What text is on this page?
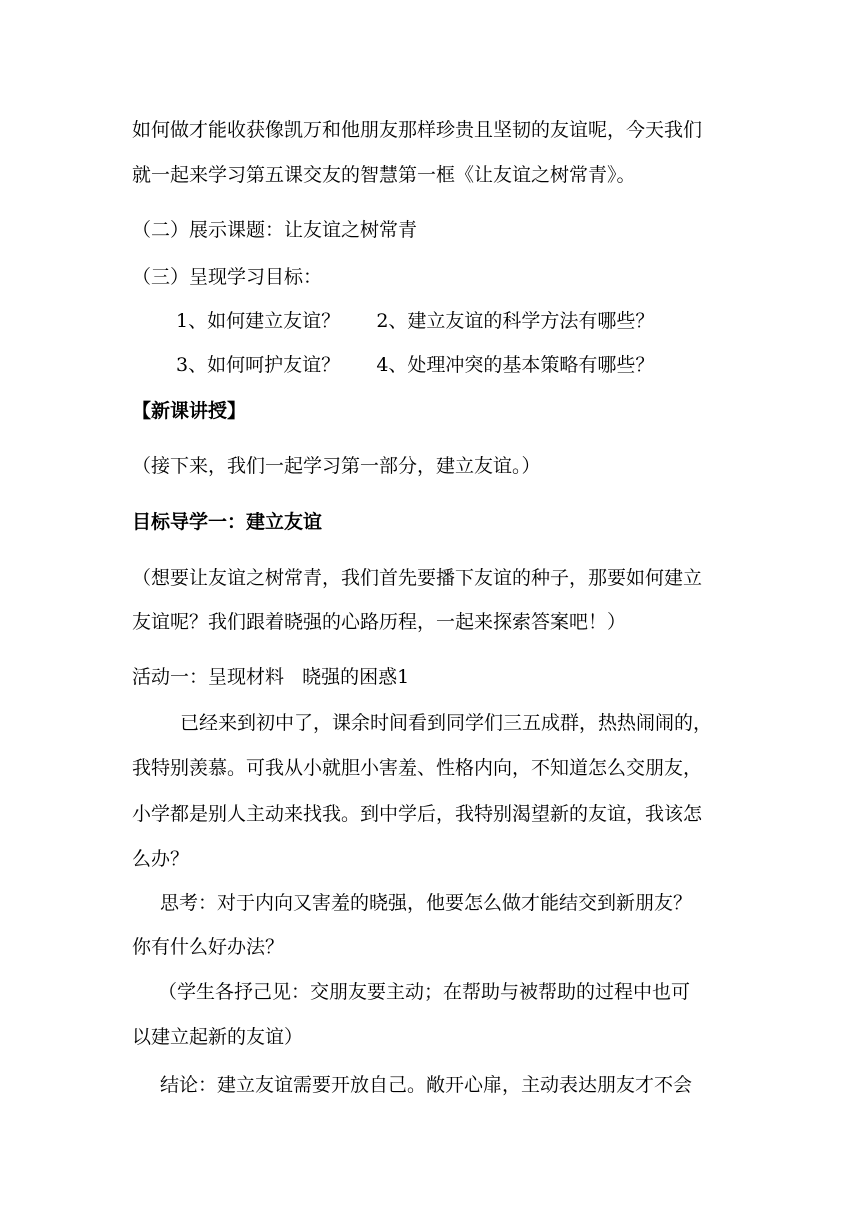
如何做才能收获像凯万和他朋友那样珍贵且坚韧的友谊呢，今天我们
就一起来学习第五课交友的智慧第一框《让友谊之树常青》。
（二）展示课题：让友谊之树常青
（三）呈现学习目标：
1、如何建立友谊？      2、建立友谊的科学方法有哪些？
3、如何呵护友谊？      4、处理冲突的基本策略有哪些？
【新课讲授】
（接下来，我们一起学习第一部分，建立友谊。）
目标导学一：建立友谊
（想要让友谊之树常青，我们首先要播下友谊的种子，那要如何建立
友谊呢？我们跟着晓强的心路历程，一起来探索答案吧！）
活动一：呈现材料   晓强的困惑1
已经来到初中了，课余时间看到同学们三五成群，热热闹闹的，
我特别羡慕。可我从小就胆小害羞、性格内向，不知道怎么交朋友，
小学都是别人主动来找我。到中学后，我特别渴望新的友谊，我该怎
么办？
思考：对于内向又害羞的晓强，他要怎么做才能结交到新朋友？
你有什么好办法？
（学生各抒己见：交朋友要主动；在帮助与被帮助的过程中也可
以建立起新的友谊）
结论：建立友谊需要开放自己。敞开心扉，主动表达朋友才不会
